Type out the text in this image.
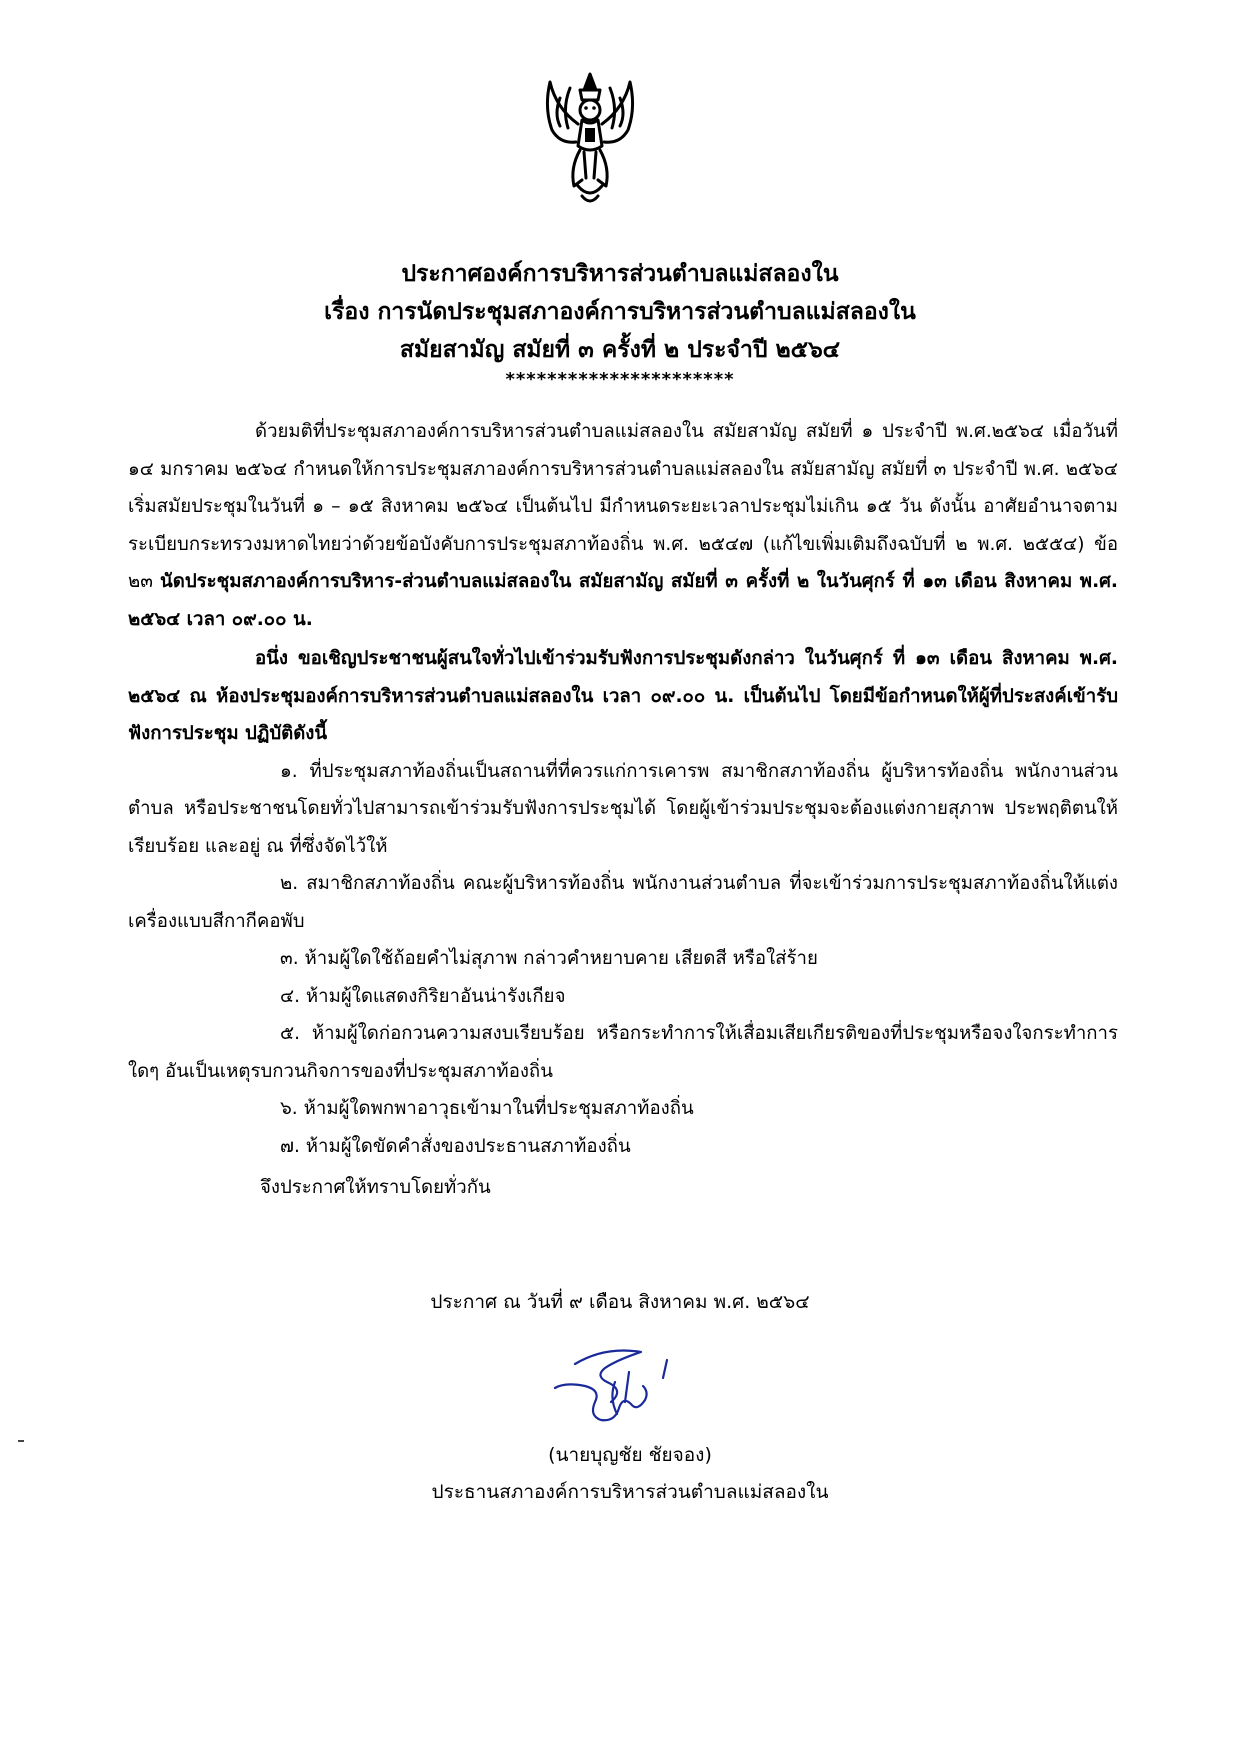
ประกาศองค์การบริหารส่วนตำบลแม่สลองใน
เรื่อง การนัดประชุมสภาองค์การบริหารส่วนตำบลแม่สลองใน
สมัยสามัญ สมัยที่ ๓ ครั้งที่ ๒ ประจำปี ๒๕๖๔
**********************

ด้วยมติที่ประชุมสภาองค์การบริหารส่วนตำบลแม่สลองใน สมัยสามัญ สมัยที่ ๑ ประจำปี พ.ศ.๒๕๖๔ เมื่อวันที่ ๑๔ มกราคม ๒๕๖๔ กำหนดให้การประชุมสภาองค์การบริหารส่วนตำบลแม่สลองใน สมัยสามัญ สมัยที่ ๓ ประจำปี พ.ศ. ๒๕๖๔ เริ่มสมัยประชุมในวันที่ ๑ – ๑๕ สิงหาคม ๒๕๖๔ เป็นต้นไป มีกำหนดระยะเวลาประชุมไม่เกิน ๑๕ วัน ดังนั้น อาศัยอำนาจตามระเบียบกระทรวงมหาดไทยว่าด้วยข้อบังคับการประชุมสภาท้องถิ่น พ.ศ. ๒๕๔๗ (แก้ไขเพิ่มเติมถึงฉบับที่ ๒ พ.ศ. ๒๕๕๔) ข้อ ๒๓ นัดประชุมสภาองค์การบริหาร-ส่วนตำบลแม่สลองใน สมัยสามัญ สมัยที่ ๓ ครั้งที่ ๒ ในวันศุกร์ ที่ ๑๓ เดือน สิงหาคม พ.ศ. ๒๕๖๔ เวลา ๐๙.๐๐ น.

อนึ่ง ขอเชิญประชาชนผู้สนใจทั่วไปเข้าร่วมรับฟังการประชุมดังกล่าว ในวันศุกร์ ที่ ๑๓ เดือน สิงหาคม พ.ศ. ๒๕๖๔ ณ ห้องประชุมองค์การบริหารส่วนตำบลแม่สลองใน เวลา ๐๙.๐๐ น. เป็นต้นไป โดยมีข้อกำหนดให้ผู้ที่ประสงค์เข้ารับฟังการประชุม ปฏิบัติดังนี้

๑. ที่ประชุมสภาท้องถิ่นเป็นสถานที่ที่ควรแก่การเคารพ สมาชิกสภาท้องถิ่น ผู้บริหารท้องถิ่น พนักงานส่วนตำบล หรือประชาชนโดยทั่วไปสามารถเข้าร่วมรับฟังการประชุมได้ โดยผู้เข้าร่วมประชุมจะต้องแต่งกายสุภาพ ประพฤติตนให้เรียบร้อย และอยู่ ณ ที่ซึ่งจัดไว้ให้

๒. สมาชิกสภาท้องถิ่น คณะผู้บริหารท้องถิ่น พนักงานส่วนตำบล ที่จะเข้าร่วมการประชุมสภาท้องถิ่นให้แต่งเครื่องแบบสีกากีคอพับ

๓. ห้ามผู้ใดใช้ถ้อยคำไม่สุภาพ กล่าวคำหยาบคาย เสียดสี หรือใส่ร้าย

๔. ห้ามผู้ใดแสดงกิริยาอันน่ารังเกียจ

๕. ห้ามผู้ใดก่อกวนความสงบเรียบร้อย หรือกระทำการให้เสื่อมเสียเกียรติของที่ประชุมหรือจงใจกระทำการใดๆ อันเป็นเหตุรบกวนกิจการของที่ประชุมสภาท้องถิ่น

๖. ห้ามผู้ใดพกพาอาวุธเข้ามาในที่ประชุมสภาท้องถิ่น

๗. ห้ามผู้ใดขัดคำสั่งของประธานสภาท้องถิ่น

จึงประกาศให้ทราบโดยทั่วกัน

ประกาศ ณ วันที่ ๙ เดือน สิงหาคม พ.ศ. ๒๕๖๔
(นายบุญชัย ชัยจอง)
ประธานสภาองค์การบริหารส่วนตำบลแม่สลองใน
